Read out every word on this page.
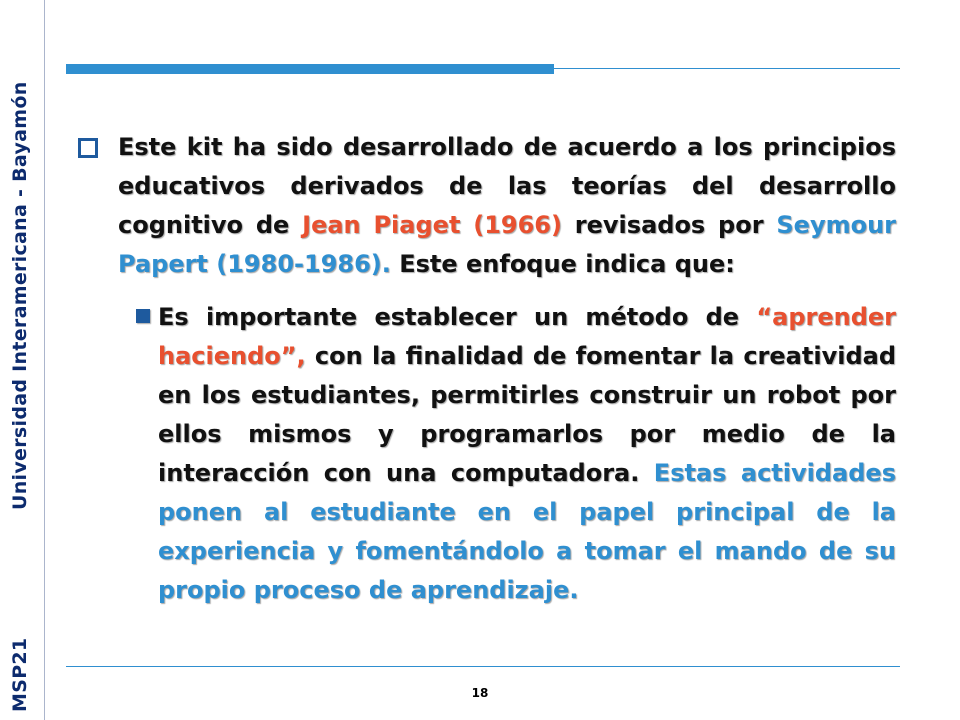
MSP21
Universidad Interamericana - Bayamón	Este kit ha sido desarrollado de acuerdo a los principios educativos derivados de las teorías del desarrollo cognitivo de Jean Piaget (1966) revisados por Seymour Papert (1980-1986). Este enfoque indica que:

Es importante establecer un método de “aprender haciendo”, con la finalidad de fomentar la creatividad en los estudiantes, permitirles construir un robot por ellos mismos y programarlos por medio de la interacción con una computadora. Estas actividades ponen al estudiante en el papel principal de la experiencia y fomentándolo a tomar el mando de su propio proceso de aprendizaje.
18
